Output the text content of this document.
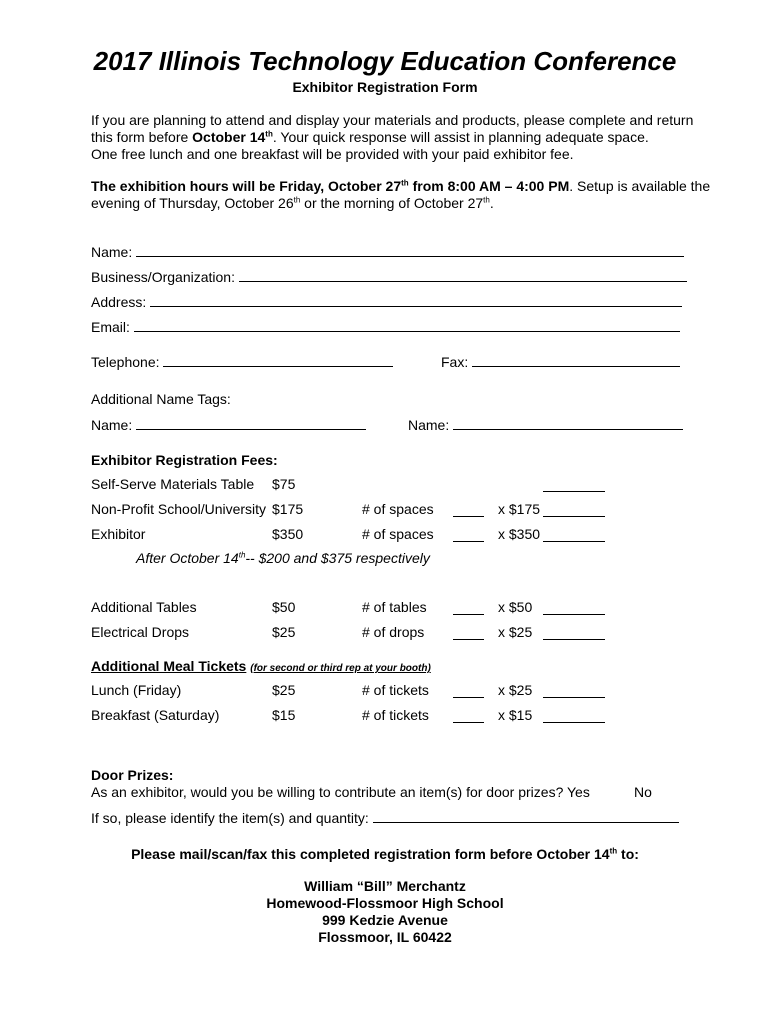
2017 Illinois Technology Education Conference
Exhibitor Registration Form
If you are planning to attend and display your materials and products, please complete and return this form before October 14th. Your quick response will assist in planning adequate space.
One free lunch and one breakfast will be provided with your paid exhibitor fee.
The exhibition hours will be Friday, October 27th from 8:00 AM – 4:00 PM. Setup is available the evening of Thursday, October 26th or the morning of October 27th.
Name:
Business/Organization:
Address:
Email:
Telephone:	Fax:
Additional Name Tags:
Name:	Name:
Exhibitor Registration Fees:
Self-Serve Materials Table $75
Non-Profit School/University $175	# of spaces	x $175
Exhibitor	$350	# of spaces	x $350
After October 14th-- $200 and $375 respectively
Additional Tables	$50	# of tables	x $50
Electrical Drops	$25	# of drops	x $25
Additional Meal Tickets (for second or third rep at your booth)
Lunch (Friday)	$25	# of tickets	x $25
Breakfast (Saturday)	$15	# of tickets	x $15
Door Prizes:
As an exhibitor, would you be willing to contribute an item(s) for door prizes? Yes	No
If so, please identify the item(s) and quantity:
Please mail/scan/fax this completed registration form before October 14th to:
William “Bill” Merchantz
Homewood-Flossmoor High School
999 Kedzie Avenue
Flossmoor, IL 60422
